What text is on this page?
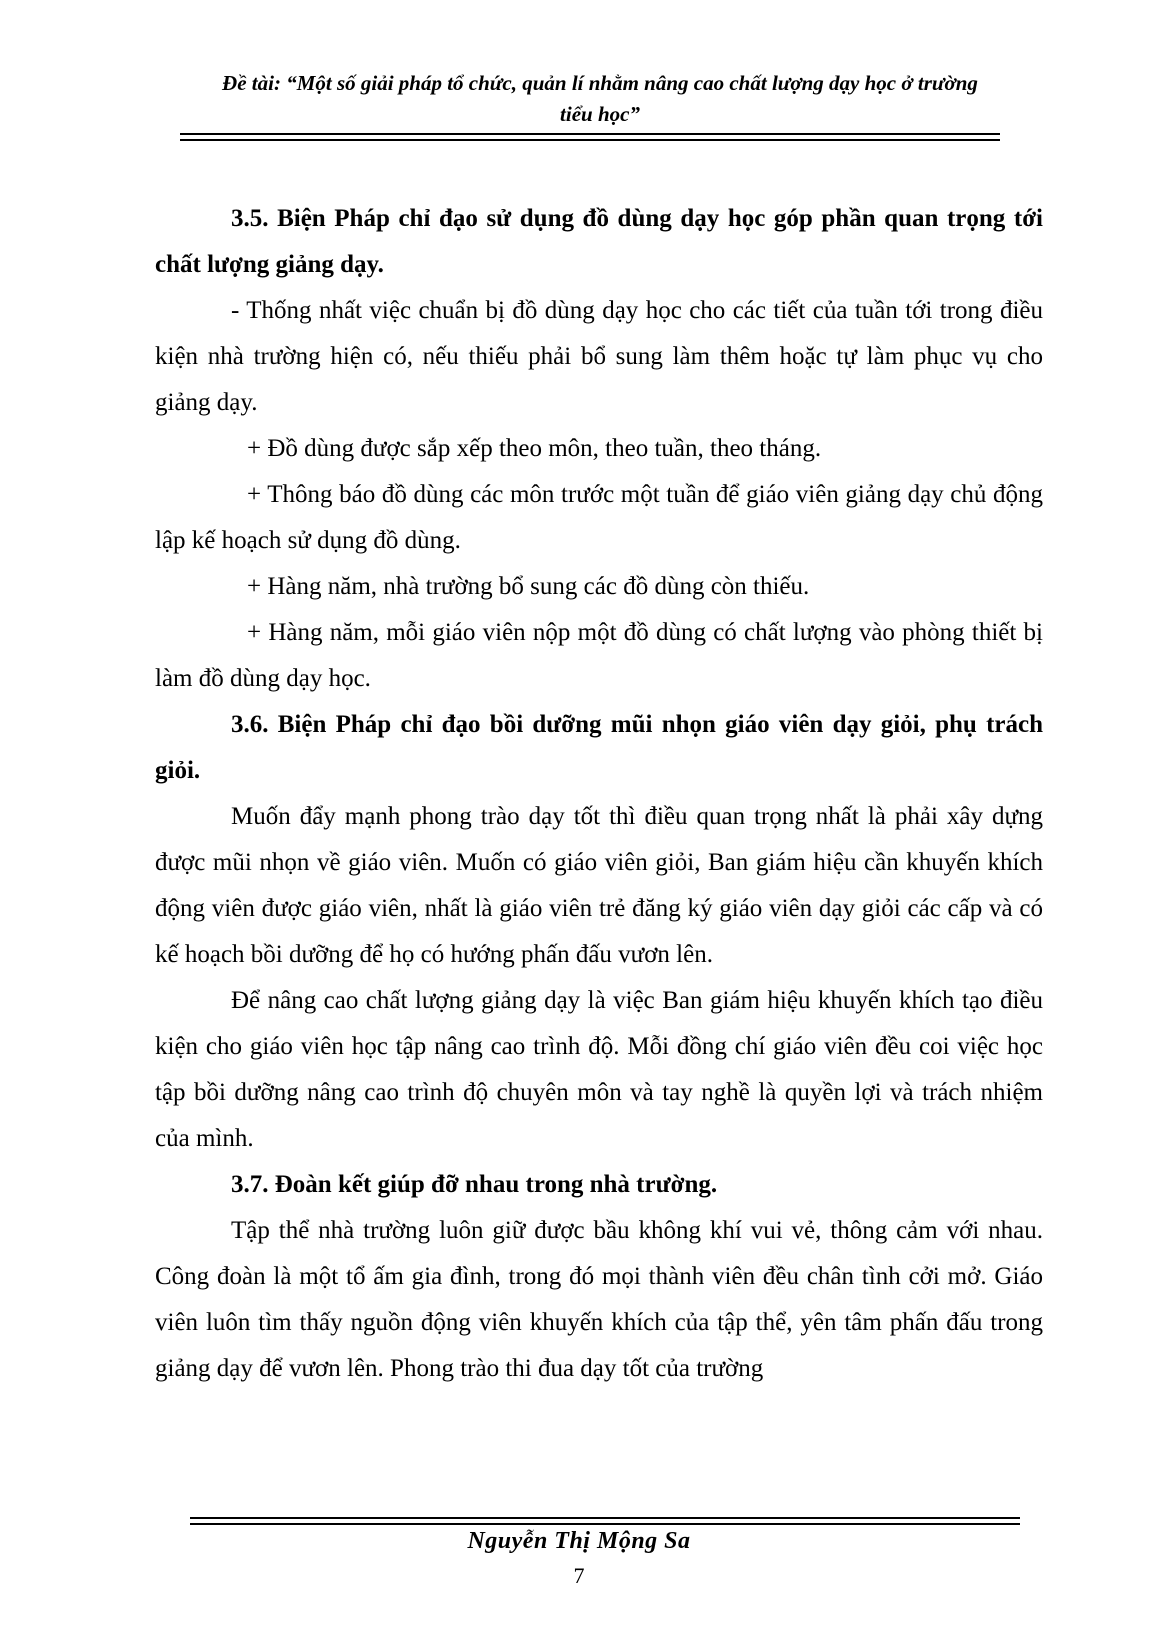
Đề tài: “Một số giải pháp tổ chức, quản lí nhằm nâng cao chất lượng dạy học ở trường
tiểu học”

3.5. Biện Pháp chỉ đạo sử dụng đồ dùng dạy học góp phần quan trọng tới chất lượng giảng dạy.

- Thống nhất việc chuẩn bị đồ dùng dạy học cho các tiết của tuần tới trong điều kiện nhà trường hiện có, nếu thiếu phải bổ sung làm thêm hoặc tự làm phục vụ cho giảng dạy.

+ Đồ dùng được sắp xếp theo môn, theo tuần, theo tháng.

+ Thông báo đồ dùng các môn trước một tuần để giáo viên giảng dạy chủ động lập kế hoạch sử dụng đồ dùng.

+ Hàng năm, nhà trường bổ sung các đồ dùng còn thiếu.

+ Hàng năm, mỗi giáo viên nộp một đồ dùng có chất lượng vào phòng thiết bị làm đồ dùng dạy học.

3.6. Biện Pháp chỉ đạo bồi dưỡng mũi nhọn giáo viên dạy giỏi, phụ trách giỏi.

Muốn đẩy mạnh phong trào dạy tốt thì điều quan trọng nhất là phải xây dựng được mũi nhọn về giáo viên. Muốn có giáo viên giỏi, Ban giám hiệu cần khuyến khích động viên được giáo viên, nhất là giáo viên trẻ đăng ký giáo viên dạy giỏi các cấp và có kế hoạch bồi dưỡng để họ có hướng phấn đấu vươn lên.

Để nâng cao chất lượng giảng dạy là việc Ban giám hiệu khuyến khích tạo điều kiện cho giáo viên học tập nâng cao trình độ. Mỗi đồng chí giáo viên đều coi việc học tập bồi dưỡng nâng cao trình độ chuyên môn và tay nghề là quyền lợi và trách nhiệm của mình.

3.7. Đoàn kết giúp đỡ nhau trong nhà trường.

Tập thể nhà trường luôn giữ được bầu không khí vui vẻ, thông cảm với nhau. Công đoàn là một tổ ấm gia đình, trong đó mọi thành viên đều chân tình cởi mở. Giáo viên luôn tìm thấy nguồn động viên khuyến khích của tập thể, yên tâm phấn đấu trong giảng dạy để vươn lên. Phong trào thi đua dạy tốt của trường

Nguyễn Thị Mộng Sa
7
